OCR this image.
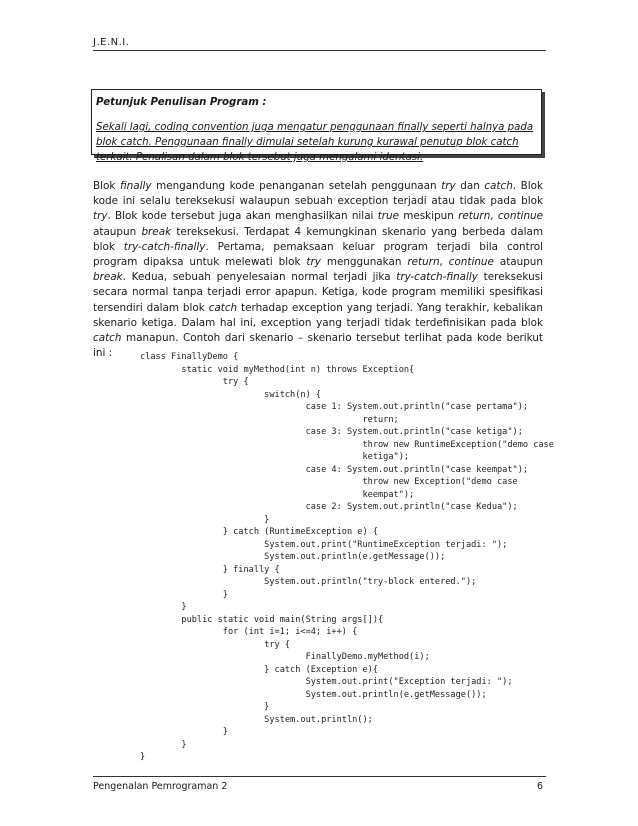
J.E.N.I.
Petunjuk Penulisan Program :
Sekali lagi, coding convention juga mengatur penggunaan finally seperti halnya pada blok catch. Penggunaan finally dimulai setelah kurung kurawal penutup blok catch terkait. Penulisan dalam blok tersebut juga mengalami identasi.

Blok finally mengandung kode penanganan setelah penggunaan try dan catch. Blok kode ini selalu tereksekusi walaupun sebuah exception terjadi atau tidak pada blok try. Blok kode tersebut juga akan menghasilkan nilai true meskipun return, continue ataupun break tereksekusi. Terdapat 4 kemungkinan skenario yang berbeda dalam blok try-catch-finally. Pertama, pemaksaan keluar program terjadi bila control program dipaksa untuk melewati blok try menggunakan return, continue ataupun break. Kedua, sebuah penyelesaian normal terjadi jika try-catch-finally tereksekusi secara normal tanpa terjadi error apapun. Ketiga, kode program memiliki spesifikasi tersendiri dalam blok catch terhadap exception yang terjadi. Yang terakhir, kebalikan skenario ketiga. Dalam hal ini, exception yang terjadi tidak terdefinisikan pada blok catch manapun. Contoh dari skenario – skenario tersebut terlihat pada kode berikut ini :	class FinallyDemo {
static void myMethod(int n) throws Exception{
try {
switch(n) {
case 1: System.out.println("case pertama");
return;
case 3: System.out.println("case ketiga");
throw new RuntimeException("demo case
ketiga");
case 4: System.out.println("case keempat");
throw new Exception("demo case
keempat");
case 2: System.out.println("case Kedua");
}
} catch (RuntimeException e) {
System.out.print("RuntimeException terjadi: ");
System.out.println(e.getMessage());
} finally {
System.out.println("try-block entered.");
}
}
public static void main(String args[]){
for (int i=1; i<=4; i++) {
try {
FinallyDemo.myMethod(i);
} catch (Exception e){
System.out.print("Exception terjadi: ");
System.out.println(e.getMessage());
}
System.out.println();
}
}
}
Pengenalan Pemrograman 2	6
